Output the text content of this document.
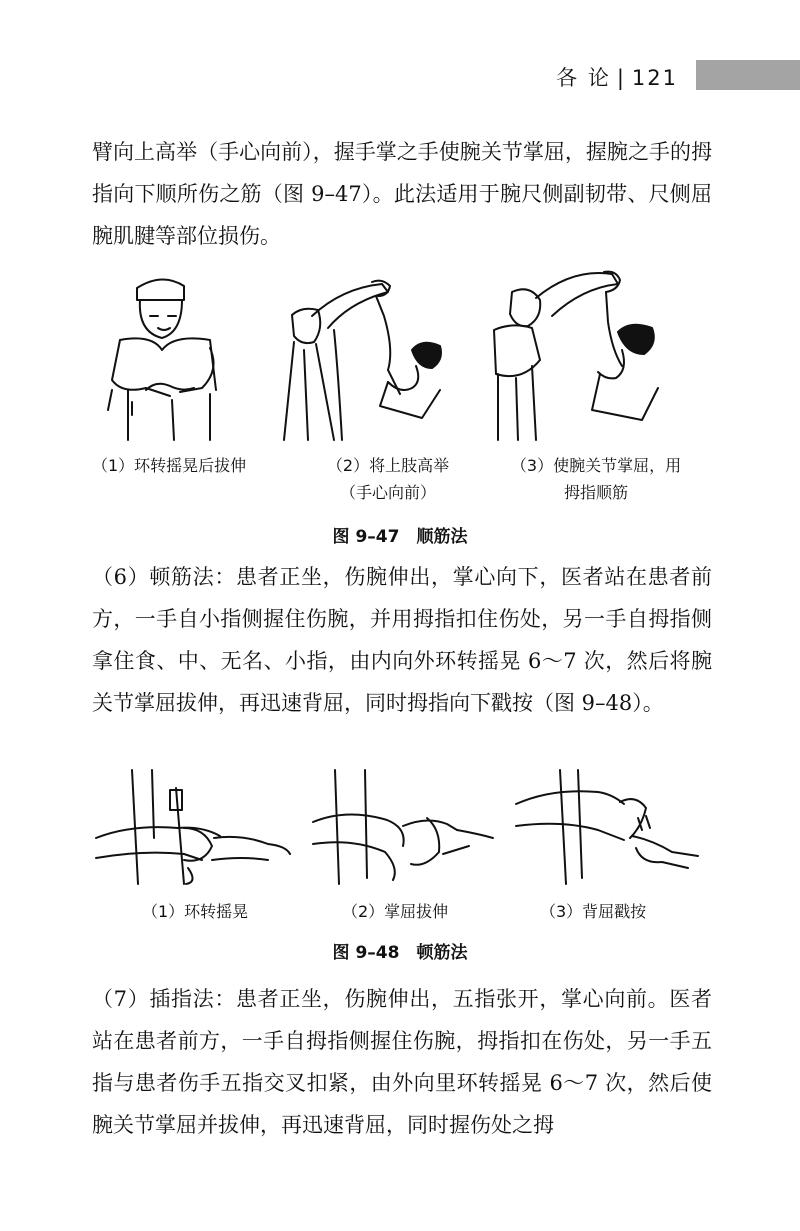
各 论 | 121

臂向上高举（手心向前），握手掌之手使腕关节掌屈，握腕之手的拇指向下顺所伤之筋（图 9–47）。此法适用于腕尺侧副韧带、尺侧屈腕肌腱等部位损伤。

（1）环转摇晃后拔伸	（2）将上肢高举
（手心向前）
（3）使腕关节掌屈，用
拇指顺筋
图 9–47　顺筋法

（6）顿筋法：患者正坐，伤腕伸出，掌心向下，医者站在患者前方，一手自小指侧握住伤腕，并用拇指扣住伤处，另一手自拇指侧拿住食、中、无名、小指，由内向外环转摇晃 6～7 次，然后将腕关节掌屈拔伸，再迅速背屈，同时拇指向下戳按（图 9–48）。

（1）环转摇晃	（2）掌屈拔伸	（3）背屈戳按
图 9–48　顿筋法

（7）插指法：患者正坐，伤腕伸出，五指张开，掌心向前。医者站在患者前方，一手自拇指侧握住伤腕，拇指扣在伤处，另一手五指与患者伤手五指交叉扣紧，由外向里环转摇晃 6～7 次，然后使腕关节掌屈并拔伸，再迅速背屈，同时握伤处之拇
